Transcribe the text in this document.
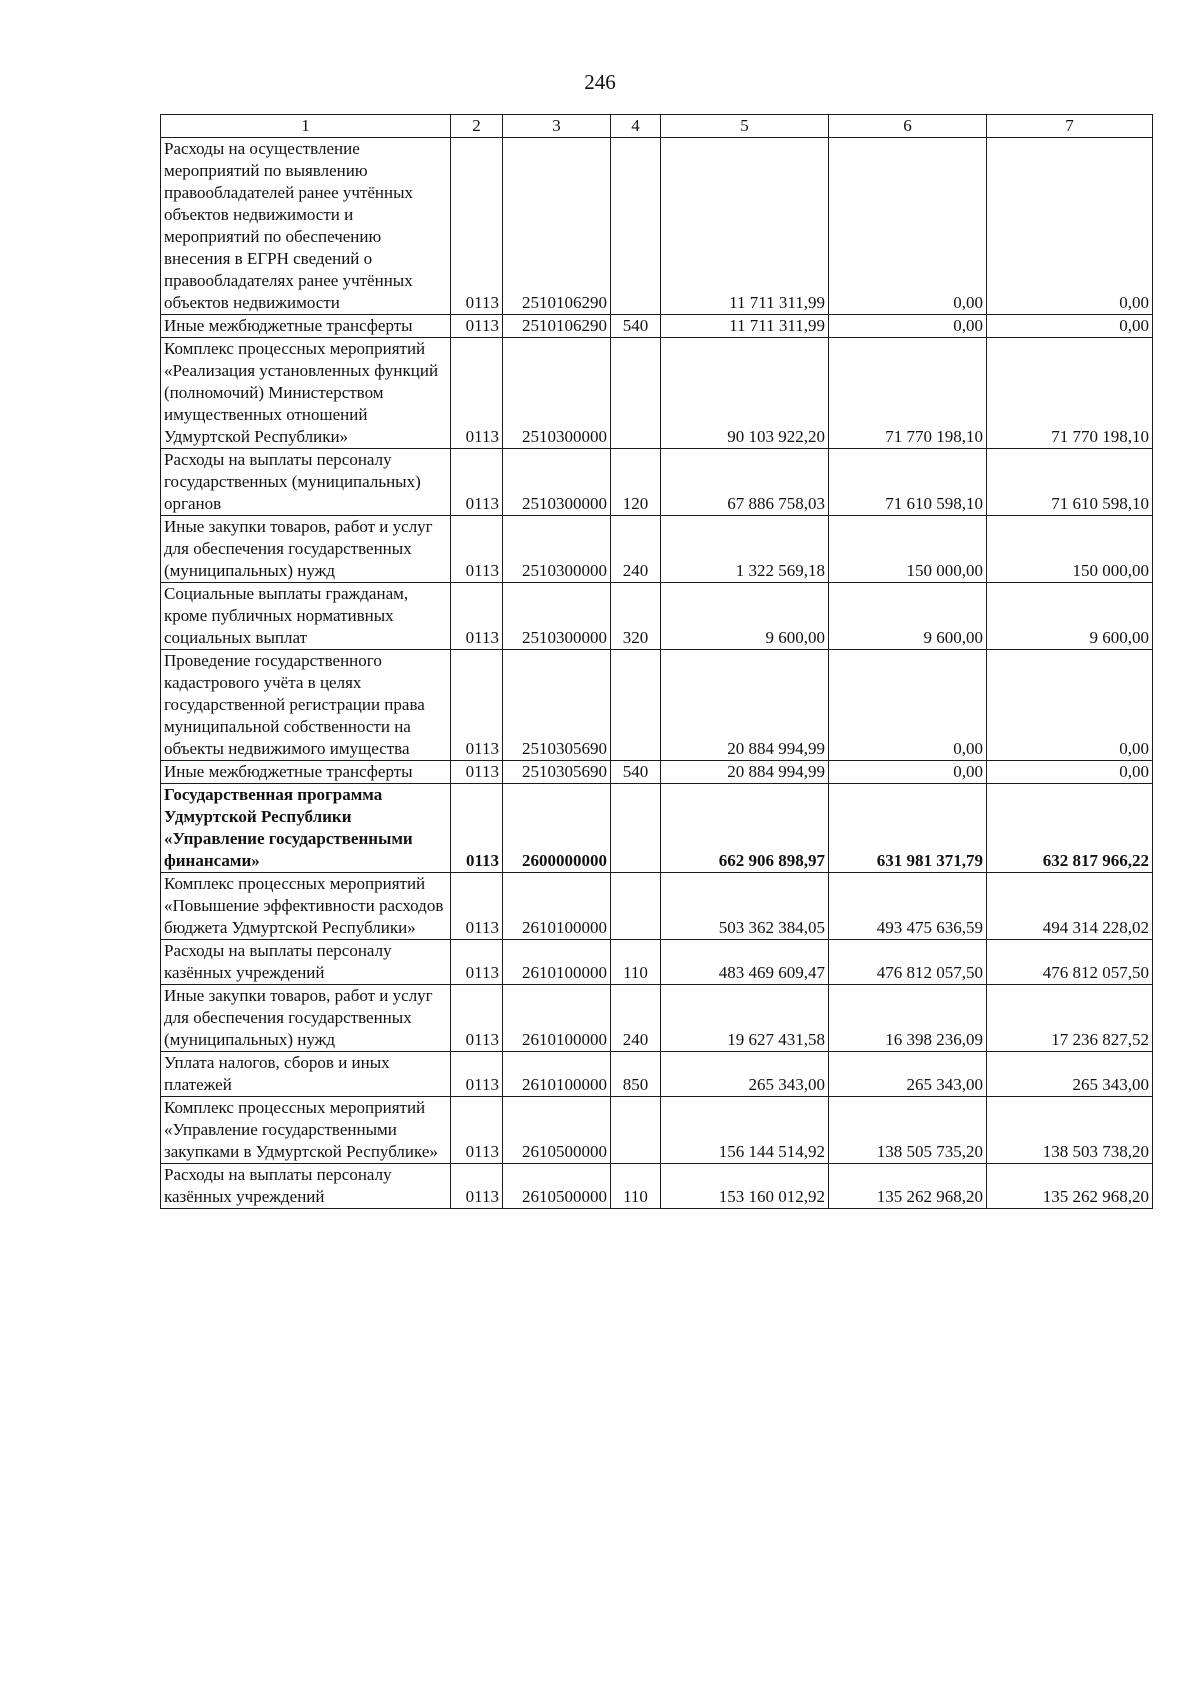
246
1	2	3	4	5	6	7
Расходы на осуществление мероприятий по выявлению правообладателей ранее учтённых объектов недвижимости и мероприятий по обеспечению внесения в ЕГРН сведений о правообладателях ранее учтённых объектов недвижимости	0113	2510106290		11 711 311,99	0,00	0,00
Иные межбюджетные трансферты	0113	2510106290	540	11 711 311,99	0,00	0,00
Комплекс процессных мероприятий «Реализация установленных функций (полномочий) Министерством имущественных отношений Удмуртской Республики»	0113	2510300000		90 103 922,20	71 770 198,10	71 770 198,10
Расходы на выплаты персоналу государственных (муниципальных) органов	0113	2510300000	120	67 886 758,03	71 610 598,10	71 610 598,10
Иные закупки товаров, работ и услуг для обеспечения государственных (муниципальных) нужд	0113	2510300000	240	1 322 569,18	150 000,00	150 000,00
Социальные выплаты гражданам, кроме публичных нормативных социальных выплат	0113	2510300000	320	9 600,00	9 600,00	9 600,00
Проведение государственного кадастрового учёта в целях государственной регистрации права муниципальной собственности на объекты недвижимого имущества	0113	2510305690		20 884 994,99	0,00	0,00
Иные межбюджетные трансферты	0113	2510305690	540	20 884 994,99	0,00	0,00
Государственная программа Удмуртской Республики «Управление государственными финансами»	0113	2600000000		662 906 898,97	631 981 371,79	632 817 966,22
Комплекс процессных мероприятий «Повышение эффективности расходов бюджета Удмуртской Республики»	0113	2610100000		503 362 384,05	493 475 636,59	494 314 228,02
Расходы на выплаты персоналу казённых учреждений	0113	2610100000	110	483 469 609,47	476 812 057,50	476 812 057,50
Иные закупки товаров, работ и услуг для обеспечения государственных (муниципальных) нужд	0113	2610100000	240	19 627 431,58	16 398 236,09	17 236 827,52
Уплата налогов, сборов и иных платежей	0113	2610100000	850	265 343,00	265 343,00	265 343,00
Комплекс процессных мероприятий «Управление государственными закупками в Удмуртской Республике»	0113	2610500000		156 144 514,92	138 505 735,20	138 503 738,20
Расходы на выплаты персоналу казённых учреждений	0113	2610500000	110	153 160 012,92	135 262 968,20	135 262 968,20
